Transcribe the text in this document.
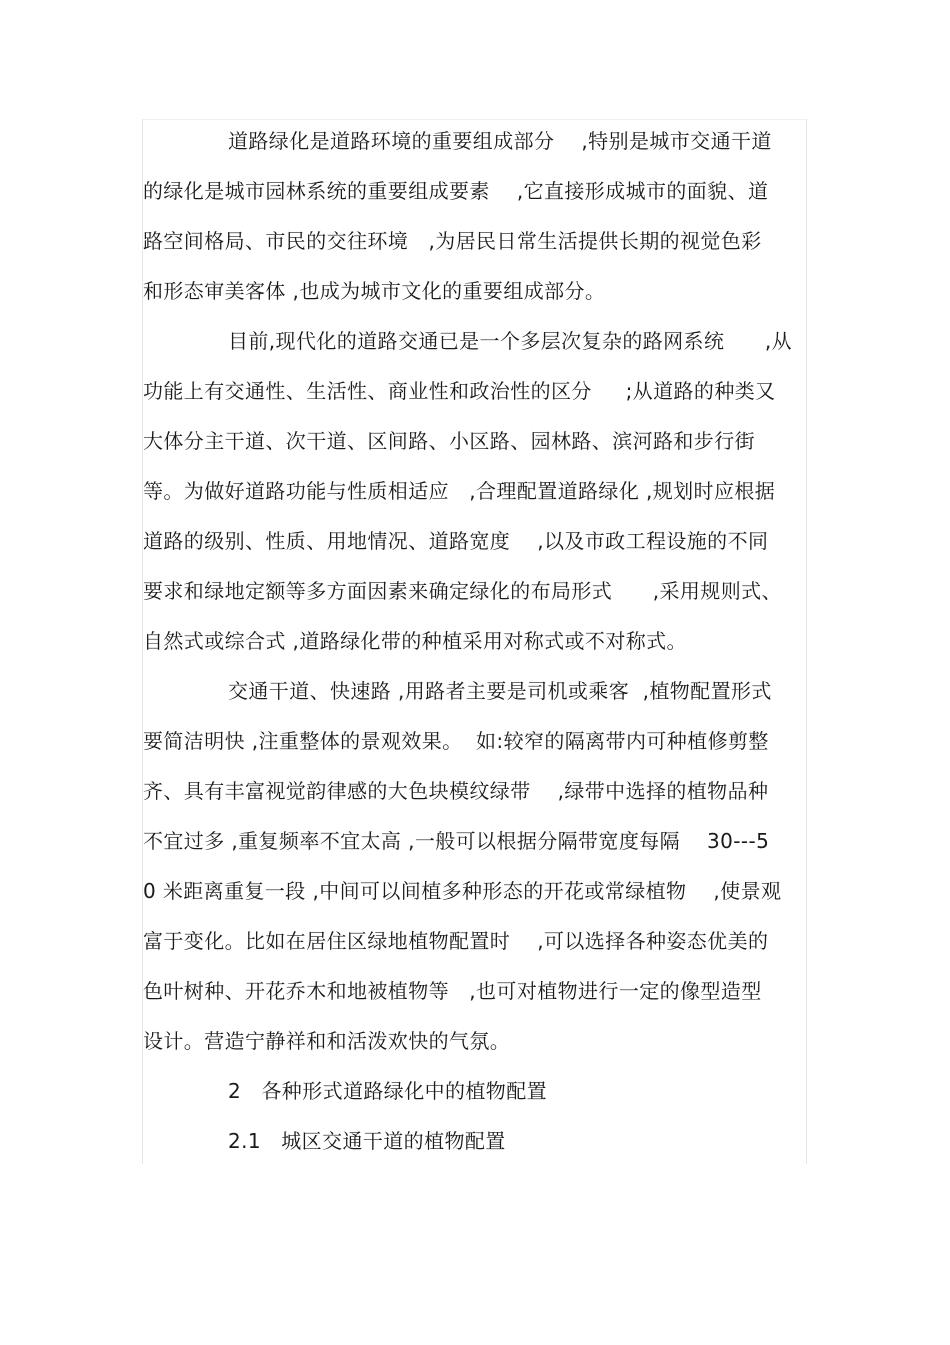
道路绿化是道路环境的重要组成部分    ,特别是城市交通干道
的绿化是城市园林系统的重要组成要素    ,它直接形成城市的面貌、道
路空间格局、市民的交往环境   ,为居民日常生活提供长期的视觉色彩
和形态审美客体 ,也成为城市文化的重要组成部分。
目前,现代化的道路交通已是一个多层次复杂的路网系统      ,从
功能上有交通性、生活性、商业性和政治性的区分     ;从道路的种类又
大体分主干道、次干道、区间路、小区路、园林路、滨河路和步行街
等。为做好道路功能与性质相适应   ,合理配置道路绿化 ,规划时应根据
道路的级别、性质、用地情况、道路宽度    ,以及市政工程设施的不同
要求和绿地定额等多方面因素来确定绿化的布局形式      ,采用规则式、
自然式或综合式 ,道路绿化带的种植采用对称式或不对称式。
交通干道、快速路 ,用路者主要是司机或乘客  ,植物配置形式
要简洁明快 ,注重整体的景观效果。  如:较窄的隔离带内可种植修剪整
齐、具有丰富视觉韵律感的大色块模纹绿带    ,绿带中选择的植物品种
不宜过多 ,重复频率不宜太高 ,一般可以根据分隔带宽度每隔    30---5
0 米距离重复一段 ,中间可以间植多种形态的开花或常绿植物    ,使景观
富于变化。比如在居住区绿地植物配置时    ,可以选择各种姿态优美的
色叶树种、开花乔木和地被植物等   ,也可对植物进行一定的像型造型
设计。营造宁静祥和和活泼欢快的气氛。
2   各种形式道路绿化中的植物配置
2.1   城区交通干道的植物配置
